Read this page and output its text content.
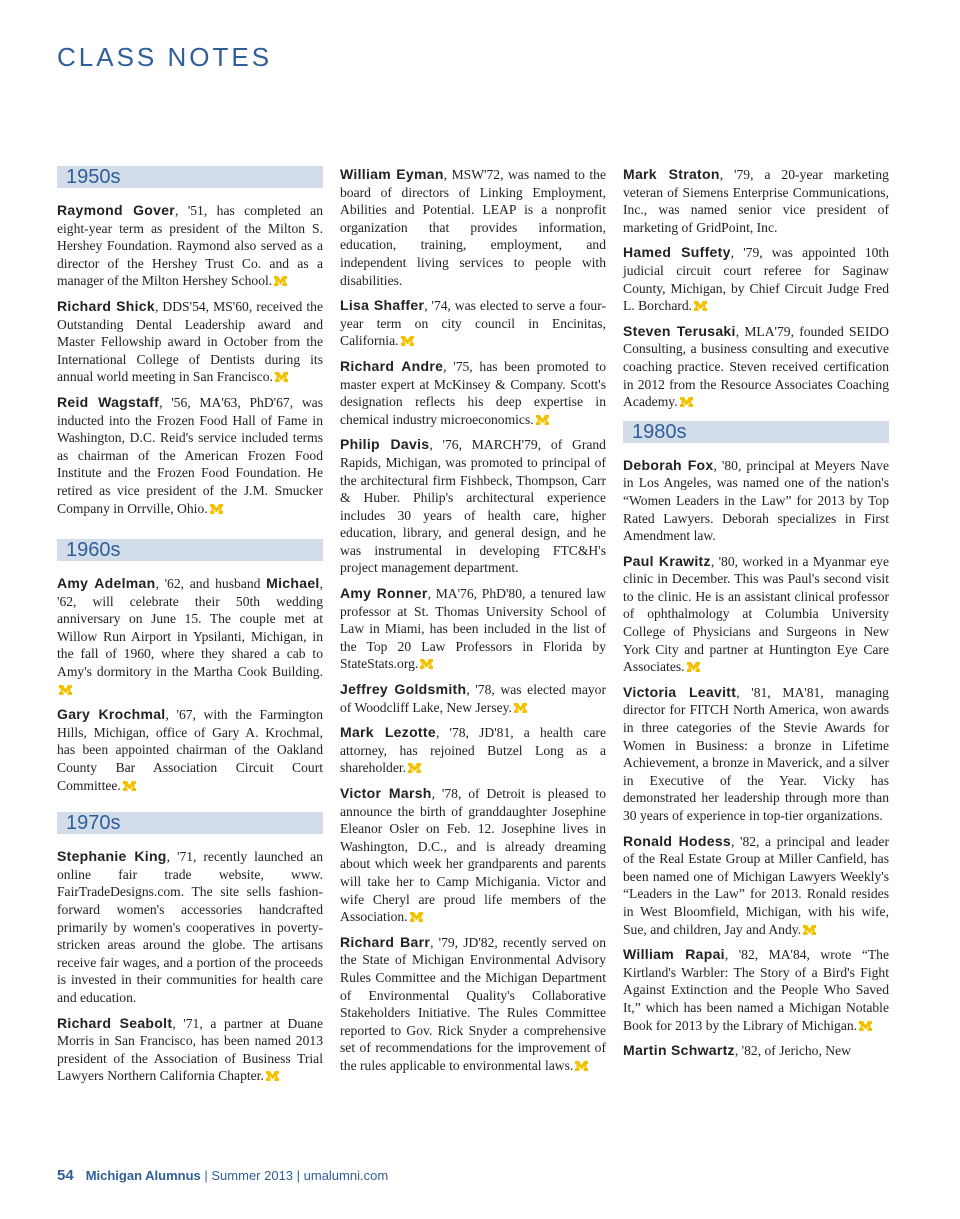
CLASS NOTES
1950s

Raymond Gover, '51, has completed an eight-year term as president of the Milton S. Hershey Foundation. Raymond also served as a director of the Hershey Trust Co. and as a manager of the Milton Hershey School.

Richard Shick, DDS'54, MS'60, received the Outstanding Dental Leadership award and Master Fellowship award in October from the International College of Dentists during its annual world meeting in San Francisco.

Reid Wagstaff, '56, MA'63, PhD'67, was inducted into the Frozen Food Hall of Fame in Washington, D.C. Reid's service included terms as chairman of the American Frozen Food Institute and the Frozen Food Foundation. He retired as vice president of the J.M. Smucker Company in Orrville, Ohio.

1960s

Amy Adelman, '62, and husband Michael, '62, will celebrate their 50th wedding anniversary on June 15. The couple met at Willow Run Airport in Ypsilanti, Michigan, in the fall of 1960, where they shared a cab to Amy's dormitory in the Martha Cook Building.

Gary Krochmal, '67, with the Farmington Hills, Michigan, office of Gary A. Krochmal, has been appointed chairman of the Oakland County Bar Association Circuit Court Committee.

1970s

Stephanie King, '71, recently launched an online fair trade website, www. FairTradeDesigns.com. The site sells fashion-forward women's accessories handcrafted primarily by women's cooperatives in poverty-stricken areas around the globe. The artisans receive fair wages, and a portion of the proceeds is invested in their communities for health care and education.

Richard Seabolt, '71, a partner at Duane Morris in San Francisco, has been named 2013 president of the Association of Business Trial Lawyers Northern California Chapter.

William Eyman, MSW'72, was named to the board of directors of Linking Employment, Abilities and Potential. LEAP is a nonprofit organization that provides information, education, training, employment, and independent living services to people with disabilities.

Lisa Shaffer, '74, was elected to serve a four-year term on city council in Encinitas, California.

Richard Andre, '75, has been promoted to master expert at McKinsey & Company. Scott's designation reflects his deep expertise in chemical industry microeconomics.

Philip Davis, '76, MARCH'79, of Grand Rapids, Michigan, was promoted to principal of the architectural firm Fishbeck, Thompson, Carr & Huber. Philip's architectural experience includes 30 years of health care, higher education, library, and general design, and he was instrumental in developing FTC&H's project management department.

Amy Ronner, MA'76, PhD'80, a tenured law professor at St. Thomas University School of Law in Miami, has been included in the list of the Top 20 Law Professors in Florida by StateStats.org.

Jeffrey Goldsmith, '78, was elected mayor of Woodcliff Lake, New Jersey.

Mark Lezotte, '78, JD'81, a health care attorney, has rejoined Butzel Long as a shareholder.

Victor Marsh, '78, of Detroit is pleased to announce the birth of granddaughter Josephine Eleanor Osler on Feb. 12. Josephine lives in Washington, D.C., and is already dreaming about which week her grandparents and parents will take her to Camp Michigania. Victor and wife Cheryl are proud life members of the Association.

Richard Barr, '79, JD'82, recently served on the State of Michigan Environmental Advisory Rules Committee and the Michigan Department of Environmental Quality's Collaborative Stakeholders Initiative. The Rules Committee reported to Gov. Rick Snyder a comprehensive set of recommendations for the improvement of the rules applicable to environmental laws.

Mark Straton, '79, a 20-year marketing veteran of Siemens Enterprise Communications, Inc., was named senior vice president of marketing of GridPoint, Inc.

Hamed Suffety, '79, was appointed 10th judicial circuit court referee for Saginaw County, Michigan, by Chief Circuit Judge Fred L. Borchard.

Steven Terusaki, MLA'79, founded SEIDO Consulting, a business consulting and executive coaching practice. Steven received certification in 2012 from the Resource Associates Coaching Academy.

1980s

Deborah Fox, '80, principal at Meyers Nave in Los Angeles, was named one of the nation's “Women Leaders in the Law” for 2013 by Top Rated Lawyers. Deborah specializes in First Amendment law.

Paul Krawitz, '80, worked in a Myanmar eye clinic in December. This was Paul's second visit to the clinic. He is an assistant clinical professor of ophthalmology at Columbia University College of Physicians and Surgeons in New York City and partner at Huntington Eye Care Associates.

Victoria Leavitt, '81, MA'81, managing director for FITCH North America, won awards in three categories of the Stevie Awards for Women in Business: a bronze in Lifetime Achievement, a bronze in Maverick, and a silver in Executive of the Year. Vicky has demonstrated her leadership through more than 30 years of experience in top-tier organizations.

Ronald Hodess, '82, a principal and leader of the Real Estate Group at Miller Canfield, has been named one of Michigan Lawyers Weekly's “Leaders in the Law” for 2013. Ronald resides in West Bloomfield, Michigan, with his wife, Sue, and children, Jay and Andy.

William Rapai, '82, MA'84, wrote “The Kirtland's Warbler: The Story of a Bird's Fight Against Extinction and the People Who Saved It,” which has been named a Michigan Notable Book for 2013 by the Library of Michigan.

Martin Schwartz, '82, of Jericho, New

54 Michigan Alumnus | Summer 2013 | umalumni.com
